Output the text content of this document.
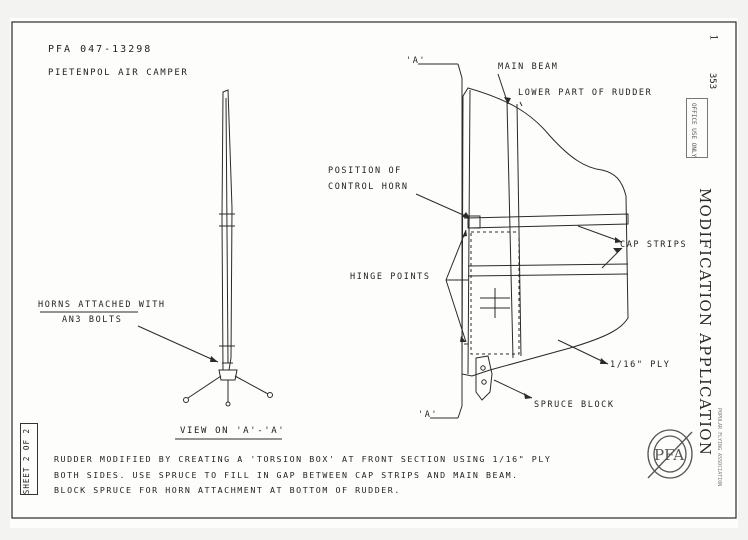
PFA 047-13298
PIETENPOL AIR CAMPER
'A'
'A'
MAIN BEAM
LOWER PART OF RUDDER
POSITION OF
CONTROL HORN
CAP STRIPS
HINGE POINTS
1/16" PLY
SPRUCE BLOCK
HORNS ATTACHED WITH
AN3 BOLTS
VIEW ON 'A'-'A'
RUDDER MODIFIED BY CREATING A 'TORSION BOX' AT FRONT SECTION USING 1/16" PLY
BOTH SIDES. USE SPRUCE TO FILL IN GAP BETWEEN CAP STRIPS AND MAIN BEAM.
BLOCK SPRUCE FOR HORN ATTACHMENT AT BOTTOM OF RUDDER.
MODIFICATION APPLICATION
SHEET 2 OF 2
OFFICE USE ONLY
1
353
PFA	POPULAR FLYING ASSOCIATION
